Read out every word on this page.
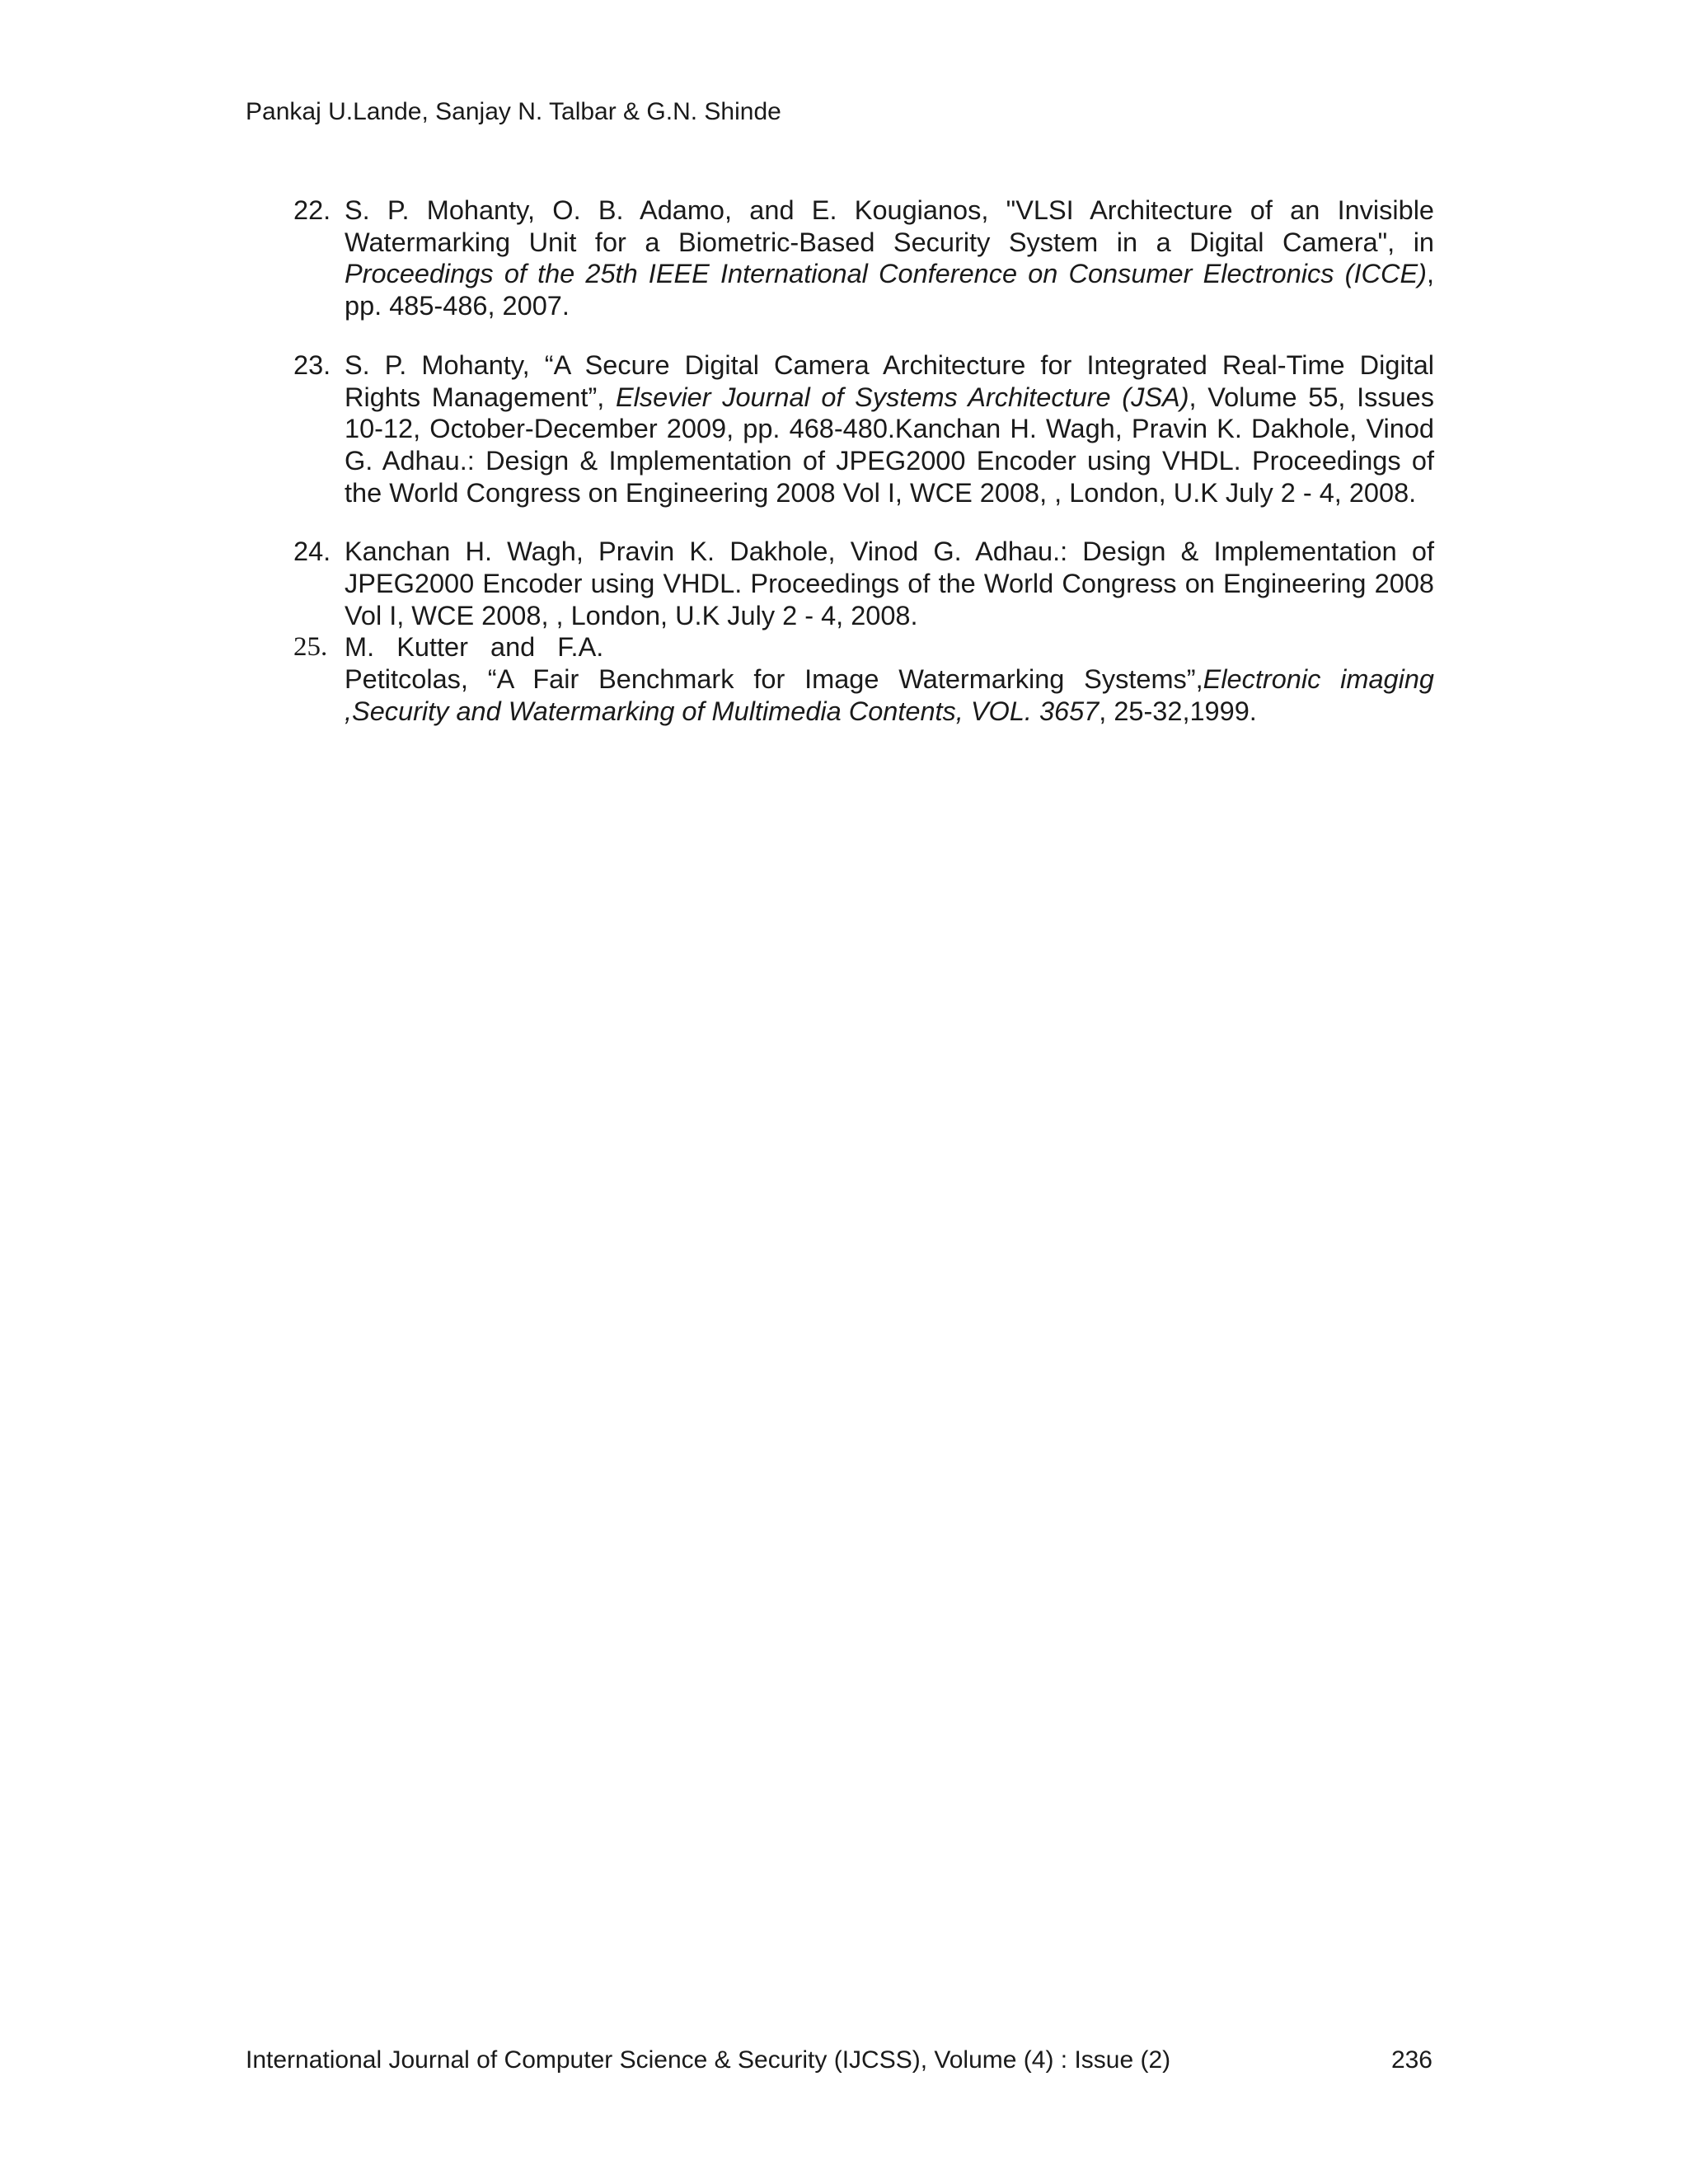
Pankaj U.Lande, Sanjay N. Talbar & G.N. Shinde
22. S. P. Mohanty, O. B. Adamo, and E. Kougianos, "VLSI Architecture of an Invisible Watermarking Unit for a Biometric-Based Security System in a Digital Camera", in Proceedings of the 25th IEEE International Conference on Consumer Electronics (ICCE), pp. 485-486, 2007.
23. S. P. Mohanty, “A Secure Digital Camera Architecture for Integrated Real-Time Digital Rights Management”, Elsevier Journal of Systems Architecture (JSA), Volume 55, Issues 10-12, October-December 2009, pp. 468-480.Kanchan H. Wagh, Pravin K. Dakhole, Vinod G. Adhau.: Design & Implementation of JPEG2000 Encoder using VHDL. Proceedings of the World Congress on Engineering 2008 Vol I, WCE 2008, , London, U.K July 2 - 4, 2008.
24. Kanchan H. Wagh, Pravin K. Dakhole, Vinod G. Adhau.: Design & Implementation of JPEG2000 Encoder using VHDL. Proceedings of the World Congress on Engineering 2008 Vol I, WCE 2008, , London, U.K July 2 - 4, 2008.
25. M.   Kutter   and   F.A.
Petitcolas, “A Fair Benchmark for Image Watermarking Systems”,Electronic imaging ,Security and Watermarking of Multimedia Contents, VOL. 3657, 25-32,1999.
International Journal of Computer Science & Security (IJCSS), Volume (4) : Issue (2)	236
